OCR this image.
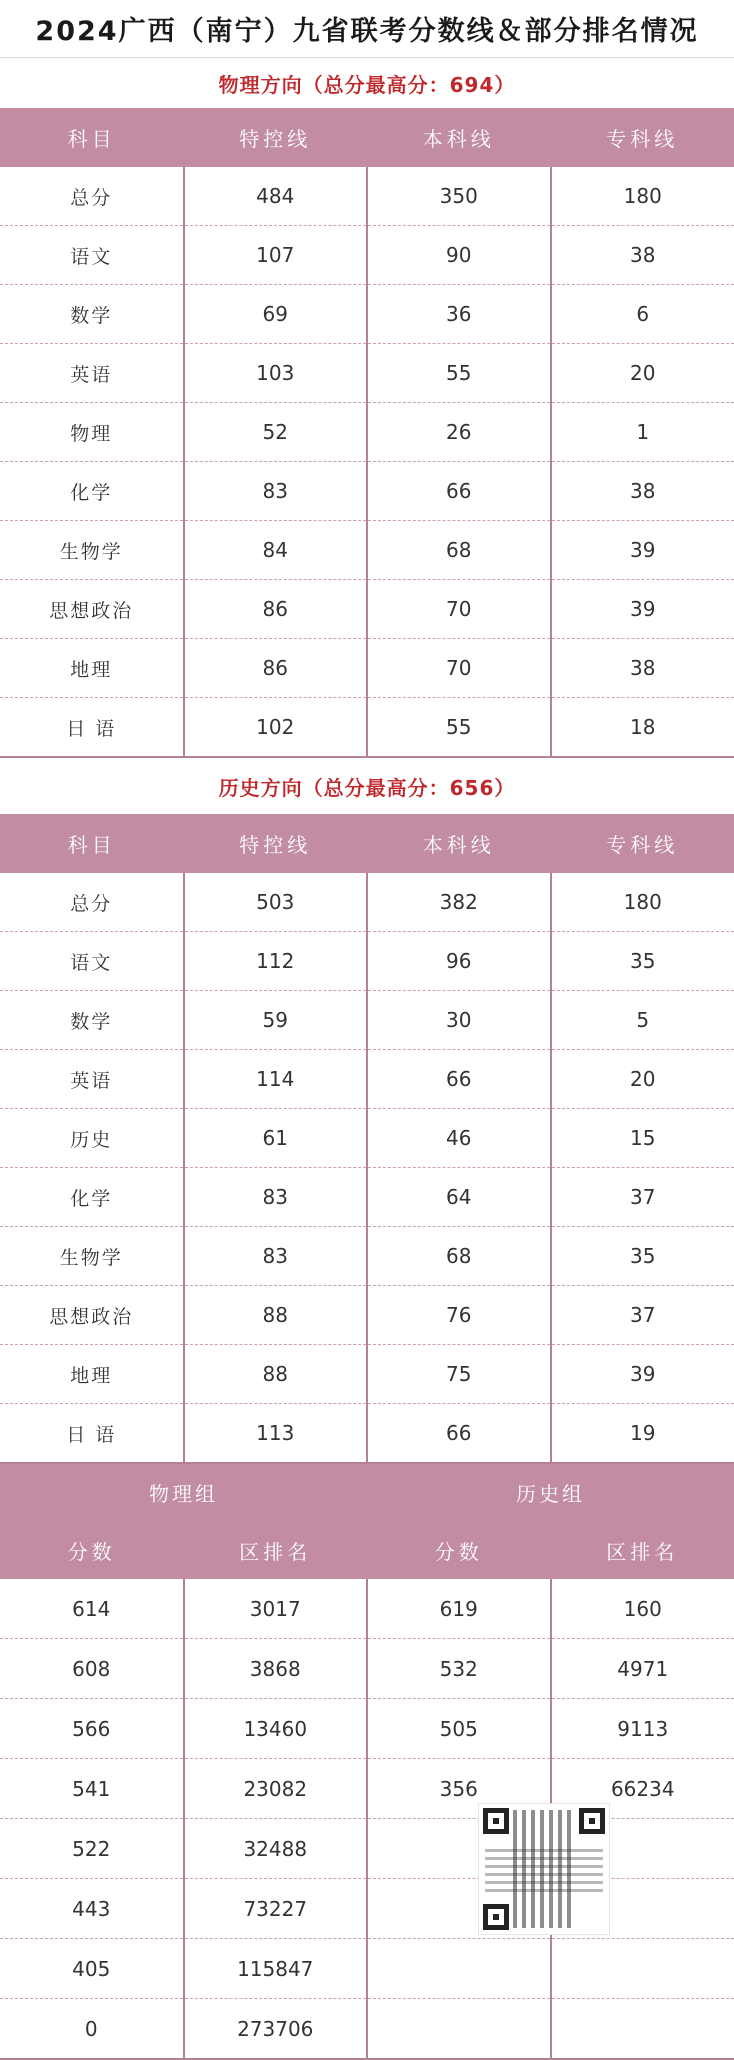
2024广西（南宁）九省联考分数线＆部分排名情况
物理方向（总分最高分：694）
科目	特控线	本科线	专科线
总分	484	350	180
语文	107	90	38
数学	69	36	6
英语	103	55	20
物理	52	26	1
化学	83	66	38
生物学	84	68	39
思想政治	86	70	39
地理	86	70	38
日 语	102	55	18
历史方向（总分最高分：656）
科目	特控线	本科线	专科线
总分	503	382	180
语文	112	96	35
数学	59	30	5
英语	114	66	20
历史	61	46	15
化学	83	64	37
生物学	83	68	35
思想政治	88	76	37
地理	88	75	39
日 语	113	66	19
物理组	历史组
分数	区排名	分数	区排名
614	3017	619	160
608	3868	532	4971
566	13460	505	9113
541	23082	356	66234
522	32488		
443	73227		
405	115847		
0	273706		
